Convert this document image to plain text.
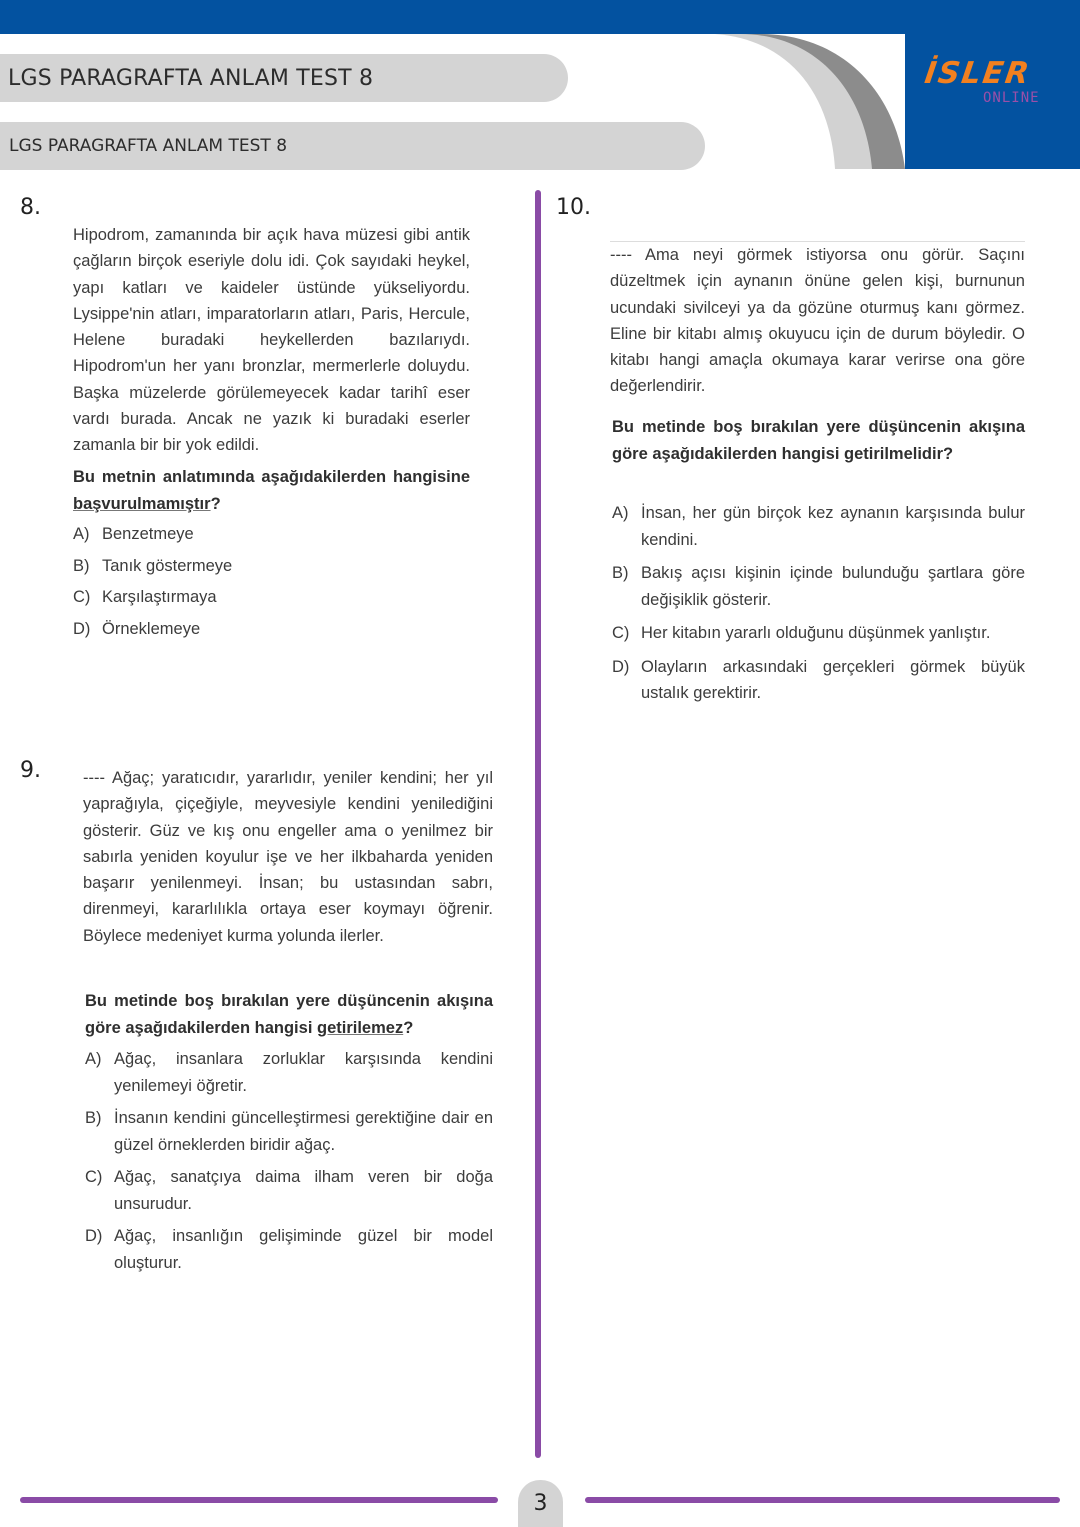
LGS PARAGRAFTA ANLAM TEST 8
LGS PARAGRAFTA ANLAM TEST 8
İSLER
ONLINE
8.
Hipodrom, zamanında bir açık hava müzesi gibi antik çağların birçok eseriyle dolu idi. Çok sayıdaki heykel, yapı katları ve kaideler üstünde yükseliyordu. Lysippe'nin atları, imparatorların atları, Paris, Hercule, Helene buradaki heykellerden bazılarıydı. Hipodrom'un her yanı bronzlar, mermerlerle doluydu. Başka müzelerde görülemeyecek kadar tarihî eser vardı burada. Ancak ne yazık ki buradaki eserler zamanla bir bir yok edildi.
Bu metnin anlatımında aşağıdakilerden hangisine başvurulmamıştır?
A) Benzetmeye
B) Tanık göstermeye
C) Karşılaştırmaya
D) Örneklemeye
9.	---- Ağaç; yaratıcıdır, yararlıdır, yeniler kendini; her yıl yaprağıyla, çiçeğiyle, meyvesiyle kendini yenilediğini gösterir. Güz ve kış onu engeller ama o yenilmez bir sabırla yeniden koyulur işe ve her ilkbaharda yeniden başarır yenilenmeyi. İnsan; bu ustasından sabrı, direnmeyi, kararlılıkla ortaya eser koymayı öğrenir. Böylece medeniyet kurma yolunda ilerler.
Bu metinde boş bırakılan yere düşüncenin akışına göre aşağıdakilerden hangisi getirilemez?
A) Ağaç, insanlara zorluklar karşısında kendini yenilemeyi öğretir.
B) İnsanın kendini güncelleştirmesi gerektiğine dair en güzel örneklerden biridir ağaç.
C) Ağaç, sanatçıya daima ilham veren bir doğa unsurudur.
D) Ağaç, insanlığın gelişiminde güzel bir model oluşturur.
10.
---- Ama neyi görmek istiyorsa onu görür. Saçını düzeltmek için aynanın önüne gelen kişi, burnunun ucundaki sivilceyi ya da gözüne oturmuş kanı görmez. Eline bir kitabı almış okuyucu için de durum böyledir. O kitabı hangi amaçla okumaya karar verirse ona göre değerlendirir.
Bu metinde boş bırakılan yere düşüncenin akışına göre aşağıdakilerden hangisi getirilmelidir?
A) İnsan, her gün birçok kez aynanın karşısında bulur kendini.
B) Bakış açısı kişinin içinde bulunduğu şartlara göre değişiklik gösterir.
C) Her kitabın yararlı olduğunu düşünmek yanlıştır.
D) Olayların arkasındaki gerçekleri görmek büyük ustalık gerektirir.
3
